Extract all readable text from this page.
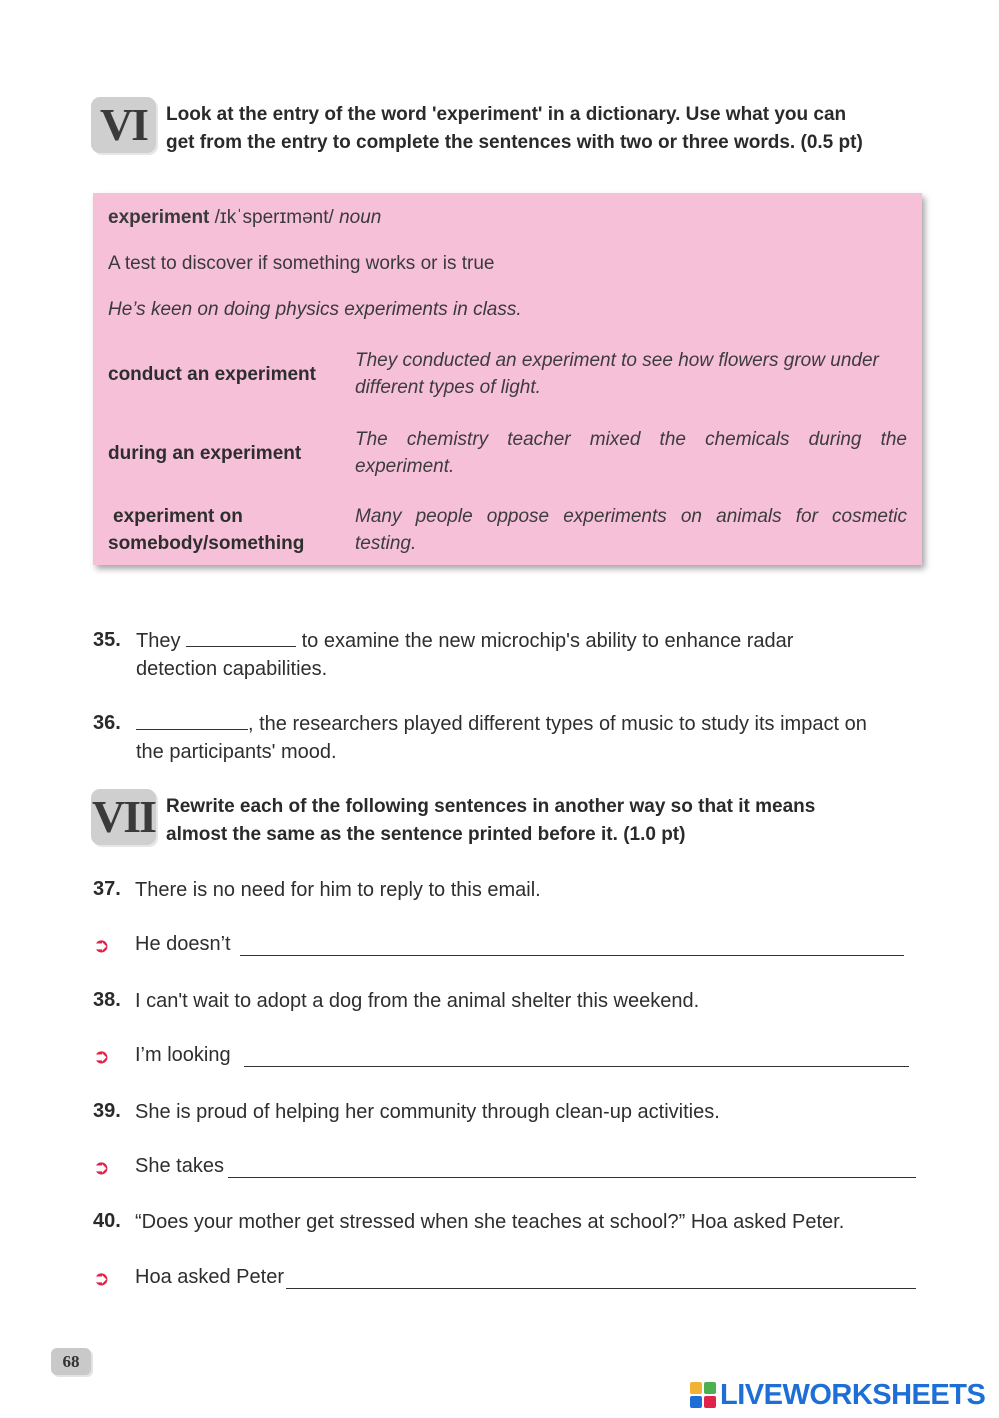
VI Look at the entry of the word 'experiment' in a dictionary. Use what you can
get from the entry to complete the sentences with two or three words. (0.5 pt)
experiment /ɪkˈsperɪmənt/ noun
A test to discover if something works or is true
He’s keen on doing physics experiments in class.
conduct an experiment
They conducted an experiment to see how flowers grow under
different types of light.
during an experiment
The chemistry teacher mixed the chemicals during the
experiment.
experiment on
somebody/something
Many people oppose experiments on animals for cosmetic
testing.
35. They	to examine the new microchip's ability to enhance radar
detection capabilities.
36.	, the researchers played different types of music to study its impact on
the participants' mood.
VII Rewrite each of the following sentences in another way so that it means
almost the same as the sentence printed before it. (1.0 pt)
37. There is no need for him to reply to this email.
➲ He doesn’t
38. I can't wait to adopt a dog from the animal shelter this weekend.
➲ I’m looking
39. She is proud of helping her community through clean-up activities.
➲ She takes
40. “Does your mother get stressed when she teaches at school?” Hoa asked Peter.
➲ Hoa asked Peter
68
LIVEWORKSHEETS
